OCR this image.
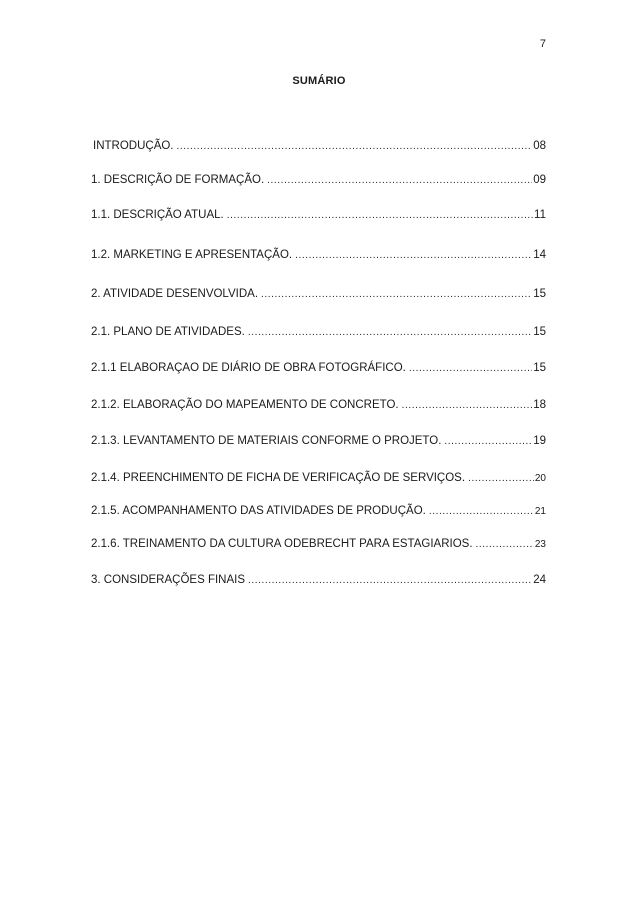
7
SUMÁRIO
INTRODUÇÃO. .....	08
1. DESCRIÇÃO DE FORMAÇÃO. .....	09
1.1. DESCRIÇÃO ATUAL. .....	11
1.2. MARKETING E APRESENTAÇÃO. .....	14
2. ATIVIDADE DESENVOLVIDA. .....	15
2.1. PLANO DE ATIVIDADES. .....	15
2.1.1 ELABORAÇAO DE DIÁRIO DE OBRA FOTOGRÁFICO. .....	15
2.1.2. ELABORAÇÃO DO MAPEAMENTO DE CONCRETO. .....	18
2.1.3. LEVANTAMENTO DE MATERIAIS CONFORME O PROJETO. .....	19
2.1.4. PREENCHIMENTO DE FICHA DE VERIFICAÇÃO DE SERVIÇOS. .....	20
2.1.5. ACOMPANHAMENTO DAS ATIVIDADES DE PRODUÇÃO. .....	21
2.1.6. TREINAMENTO DA CULTURA ODEBRECHT PARA ESTAGIARIOS. .....	23
3. CONSIDERAÇÕES FINAIS .....	24
